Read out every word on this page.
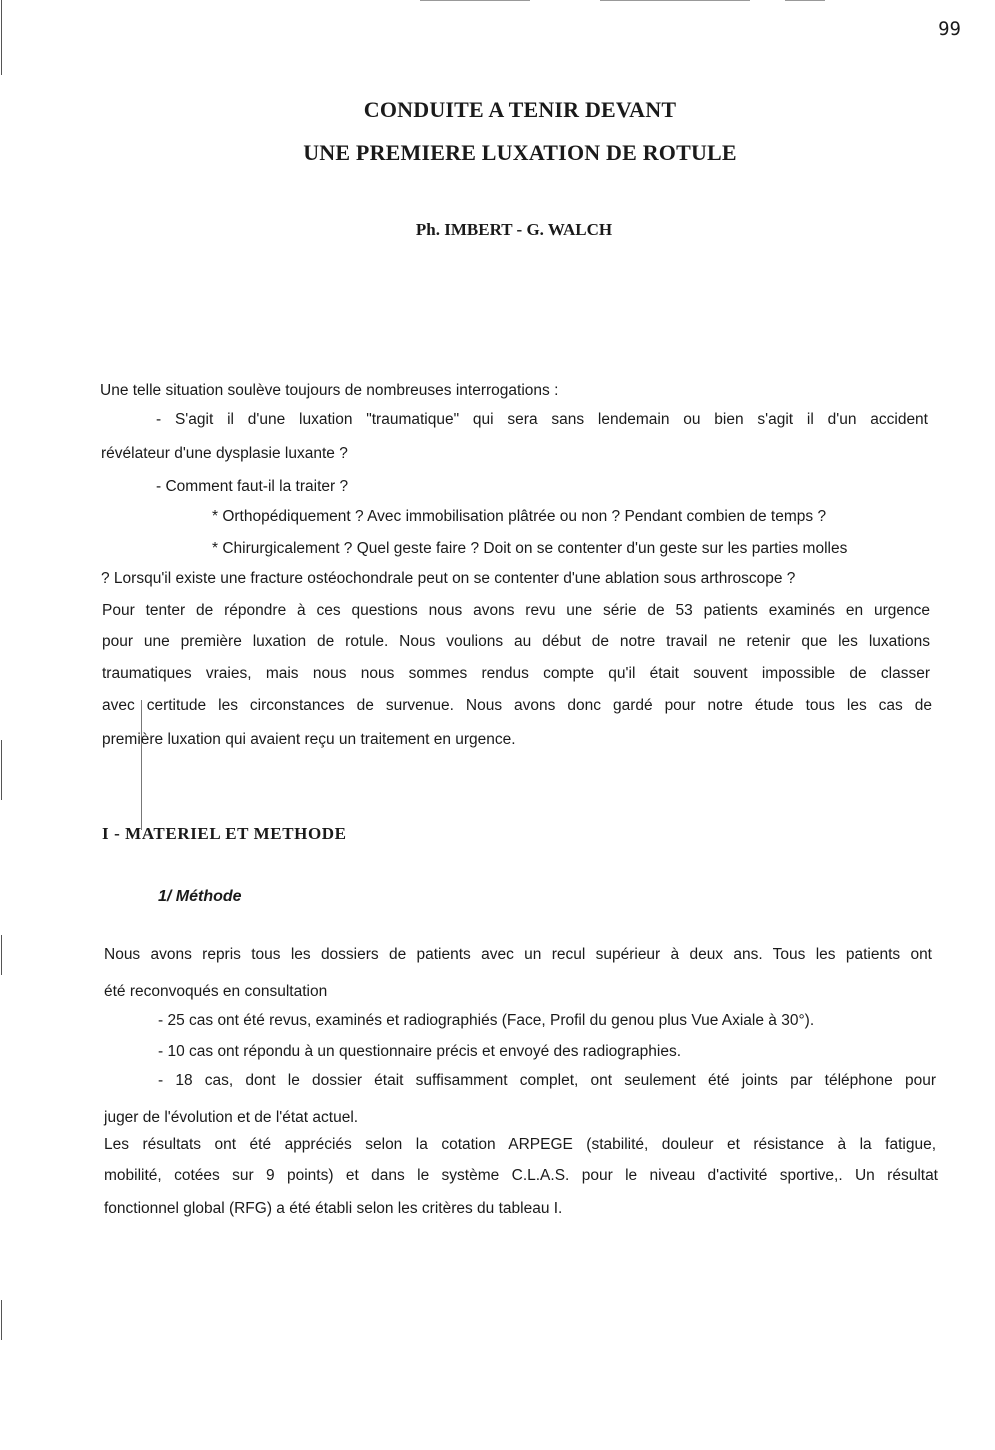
99
CONDUITE A TENIR DEVANT
UNE PREMIERE LUXATION DE ROTULE
Ph. IMBERT - G. WALCH
Une telle situation soulève toujours de nombreuses interrogations :
- S'agit il d'une luxation "traumatique" qui sera sans lendemain ou bien s'agit il d'un accident
révélateur d'une dysplasie luxante ?
- Comment faut-il la traiter ?
* Orthopédiquement ? Avec immobilisation plâtrée ou non ? Pendant combien de temps ?
* Chirurgicalement ? Quel geste faire ? Doit on se contenter d'un geste sur les parties molles
? Lorsqu'il existe une fracture ostéochondrale peut on se contenter d'une ablation sous arthroscope ?
Pour tenter de répondre à ces questions nous avons revu une série de 53 patients examinés en urgence
pour une première luxation de rotule. Nous voulions au début de notre travail ne retenir que les luxations
traumatiques vraies, mais nous nous sommes rendus compte qu'il était souvent impossible de classer
avec certitude les circonstances de survenue. Nous avons donc gardé pour notre étude tous les cas de
première luxation qui avaient reçu un traitement en urgence.
I - MATERIEL ET METHODE
1/ Méthode
Nous avons repris tous les dossiers de patients avec un recul supérieur à deux ans. Tous les patients ont
été reconvoqués en consultation
- 25 cas ont été revus, examinés et radiographiés (Face, Profil du genou plus Vue Axiale à 30°).
- 10 cas ont répondu à un questionnaire précis et envoyé des radiographies.
- 18 cas, dont le dossier était suffisamment complet, ont seulement été joints par téléphone pour
juger de l'évolution et de l'état actuel.
Les résultats ont été appréciés selon la cotation ARPEGE (stabilité, douleur et résistance à la fatigue,
mobilité, cotées sur 9 points) et dans le système C.L.A.S. pour le niveau d'activité sportive,. Un résultat
fonctionnel global (RFG) a été établi selon les critères du tableau I.
